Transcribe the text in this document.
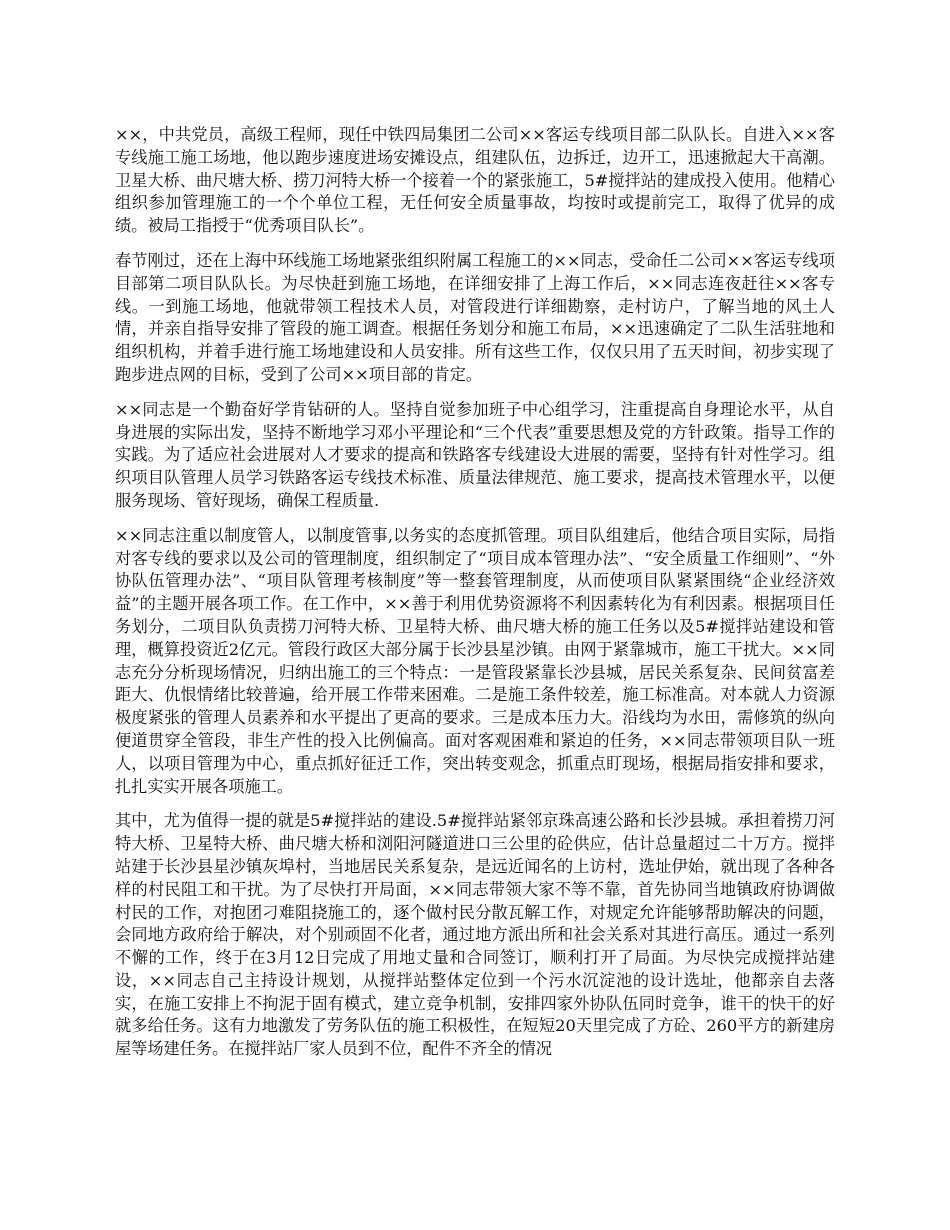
××，中共党员，高级工程师，现任中铁四局集团二公司××客运专线项目部二队队长。自进入××客专线施工施工场地，他以跑步速度进场安摊设点，组建队伍，边拆迁，边开工，迅速掀起大干高潮。卫星大桥、曲尺塘大桥、捞刀河特大桥一个接着一个的紧张施工，5#搅拌站的建成投入使用。他精心组织参加管理施工的一个个单位工程，无任何安全质量事故，均按时或提前完工，取得了优异的成绩。被局工指授于“优秀项目队长”。

春节刚过，还在上海中环线施工场地紧张组织附属工程施工的××同志，受命任二公司××客运专线项目部第二项目队队长。为尽快赶到施工场地，在详细安排了上海工作后，××同志连夜赶往××客专线。一到施工场地，他就带领工程技术人员，对管段进行详细勘察，走村访户，了解当地的风土人情，并亲自指导安排了管段的施工调查。根据任务划分和施工布局，××迅速确定了二队生活驻地和组织机构，并着手进行施工场地建设和人员安排。所有这些工作，仅仅只用了五天时间，初步实现了跑步进点网的目标，受到了公司××项目部的肯定。

××同志是一个勤奋好学肯钻研的人。坚持自觉参加班子中心组学习，注重提高自身理论水平，从自身进展的实际出发，坚持不断地学习邓小平理论和“三个代表”重要思想及党的方针政策。指导工作的实践。为了适应社会进展对人才要求的提高和铁路客专线建设大进展的需要，坚持有针对性学习。组织项目队管理人员学习铁路客运专线技术标准、质量法律规范、施工要求，提高技术管理水平，以便服务现场、管好现场，确保工程质量.

××同志注重以制度管人，以制度管事,以务实的态度抓管理。项目队组建后，他结合项目实际，局指对客专线的要求以及公司的管理制度，组织制定了“项目成本管理办法”、“安全质量工作细则”、“外协队伍管理办法”、“项目队管理考核制度”等一整套管理制度，从而使项目队紧紧围绕“企业经济效益”的主题开展各项工作。在工作中，××善于利用优势资源将不利因素转化为有利因素。根据项目任务划分，二项目队负责捞刀河特大桥、卫星特大桥、曲尺塘大桥的施工任务以及5#搅拌站建设和管理，概算投资近2亿元。管段行政区大部分属于长沙县星沙镇。由网于紧靠城市，施工干扰大。××同志充分分析现场情况，归纳出施工的三个特点：一是管段紧靠长沙县城，居民关系复杂、民间贫富差距大、仇恨情绪比较普遍，给开展工作带来困难。二是施工条件较差，施工标准高。对本就人力资源极度紧张的管理人员素养和水平提出了更高的要求。三是成本压力大。沿线均为水田，需修筑的纵向便道贯穿全管段，非生产性的投入比例偏高。面对客观困难和紧迫的任务，××同志带领项目队一班人，以项目管理为中心，重点抓好征迁工作，突出转变观念，抓重点盯现场，根据局指安排和要求，扎扎实实开展各项施工。

其中，尤为值得一提的就是5#搅拌站的建设.5#搅拌站紧邻京珠高速公路和长沙县城。承担着捞刀河特大桥、卫星特大桥、曲尺塘大桥和浏阳河隧道进口三公里的砼供应，估计总量超过二十万方。搅拌站建于长沙县星沙镇灰埠村，当地居民关系复杂，是远近闻名的上访村，选址伊始，就出现了各种各样的村民阻工和干扰。为了尽快打开局面，××同志带领大家不等不靠，首先协同当地镇政府协调做村民的工作，对抱团刁难阻挠施工的，逐个做村民分散瓦解工作，对规定允许能够帮助解决的问题，会同地方政府给于解决，对个别顽固不化者，通过地方派出所和社会关系对其进行高压。通过一系列不懈的工作，终于在3月12日完成了用地丈量和合同签订，顺利打开了局面。为尽快完成搅拌站建设，××同志自己主持设计规划，从搅拌站整体定位到一个污水沉淀池的设计选址，他都亲自去落实，在施工安排上不拘泥于固有模式，建立竞争机制，安排四家外协队伍同时竞争，谁干的快干的好就多给任务。这有力地激发了劳务队伍的施工积极性，在短短20天里完成了方砼、260平方的新建房屋等场建任务。在搅拌站厂家人员到不位，配件不齐全的情况
